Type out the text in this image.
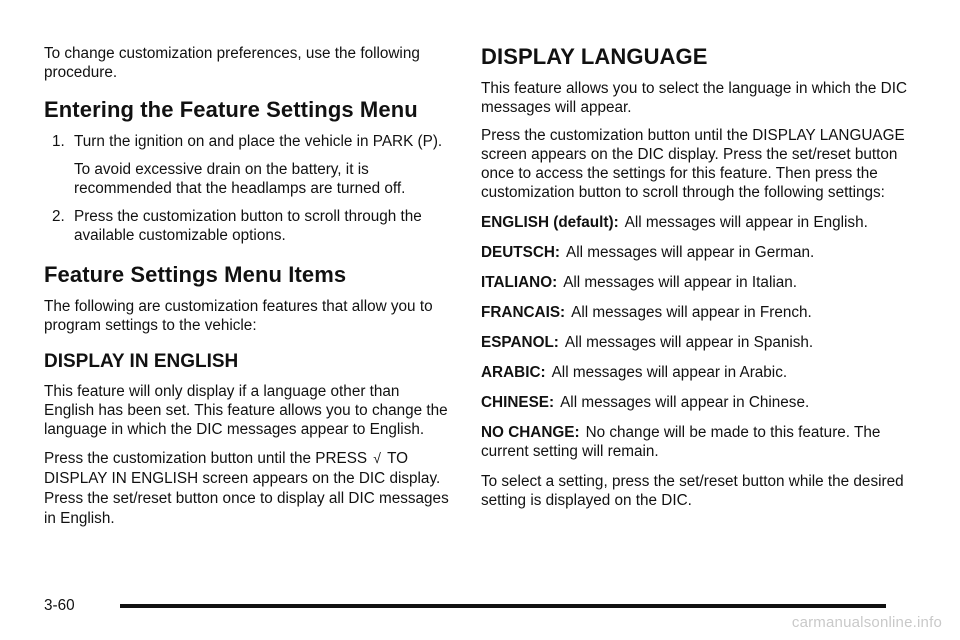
To change customization preferences, use the following procedure.

Entering the Feature Settings Menu

1. Turn the ignition on and place the vehicle in PARK (P).

To avoid excessive drain on the battery, it is recommended that the headlamps are turned off.

2. Press the customization button to scroll through the available customizable options.

Feature Settings Menu Items

The following are customization features that allow you to program settings to the vehicle:

DISPLAY IN ENGLISH

This feature will only display if a language other than English has been set. This feature allows you to change the language in which the DIC messages appear to English.

Press the customization button until the PRESS √ TO DISPLAY IN ENGLISH screen appears on the DIC display. Press the set/reset button once to display all DIC messages in English.

DISPLAY LANGUAGE

This feature allows you to select the language in which the DIC messages will appear.

Press the customization button until the DISPLAY LANGUAGE screen appears on the DIC display. Press the set/reset button once to access the settings for this feature. Then press the customization button to scroll through the following settings:

ENGLISH (default): All messages will appear in English.

DEUTSCH: All messages will appear in German.

ITALIANO: All messages will appear in Italian.

FRANCAIS: All messages will appear in French.

ESPANOL: All messages will appear in Spanish.

ARABIC: All messages will appear in Arabic.

CHINESE: All messages will appear in Chinese.

NO CHANGE: No change will be made to this feature. The current setting will remain.

To select a setting, press the set/reset button while the desired setting is displayed on the DIC.

3-60
carmanualsonline.info
